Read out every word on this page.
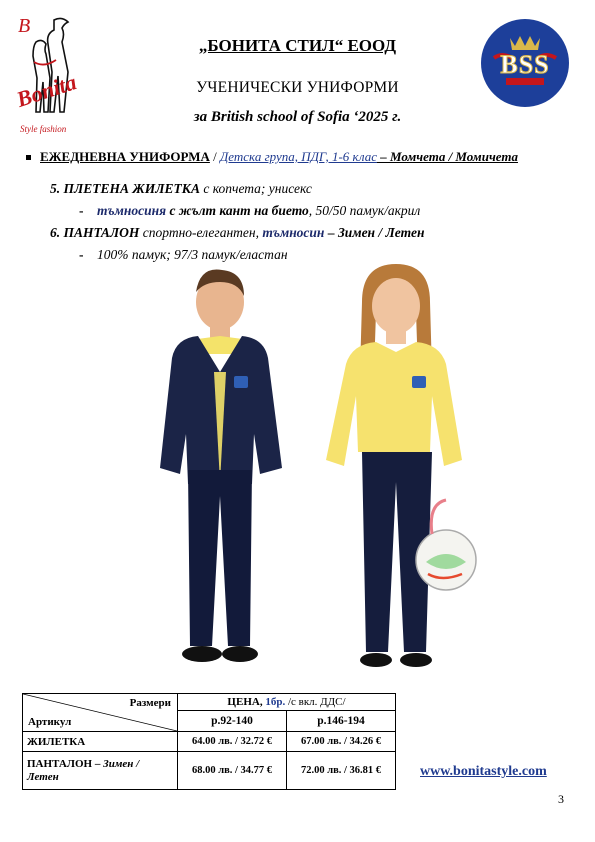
B
Bonita
Style fashion
BSS
„БОНИТА СТИЛ“ ЕООД
УЧЕНИЧЕСКИ УНИФОРМИ
за British school of Sofia ‘2025 г.
ЕЖЕДНЕВНА УНИФОРМА / Детска група, ПДГ, 1-6 клас – Момчета / Момичета
5. ПЛЕТЕНА ЖИЛЕТКА с копчета; унисекс
- тъмносиня с жълт кант на бието, 50/50 памук/акрил
6. ПАНТАЛОН спортно-елегантен, тъмносин – Зимен / Летен
- 100% памук; 97/3 памук/еластан
Размери
Артикул	ЦЕНА, 1бр. /с вкл. ДДС/	
	р.92-140	р.146-194
ЖИЛЕТКА	64.00 лв. / 32.72 €	67.00 лв. / 34.26 €
ПАНТАЛОН – Зимен / Летен	68.00 лв. / 34.77 €	72.00 лв. / 36.81 €	www.bonitastyle.com
3
